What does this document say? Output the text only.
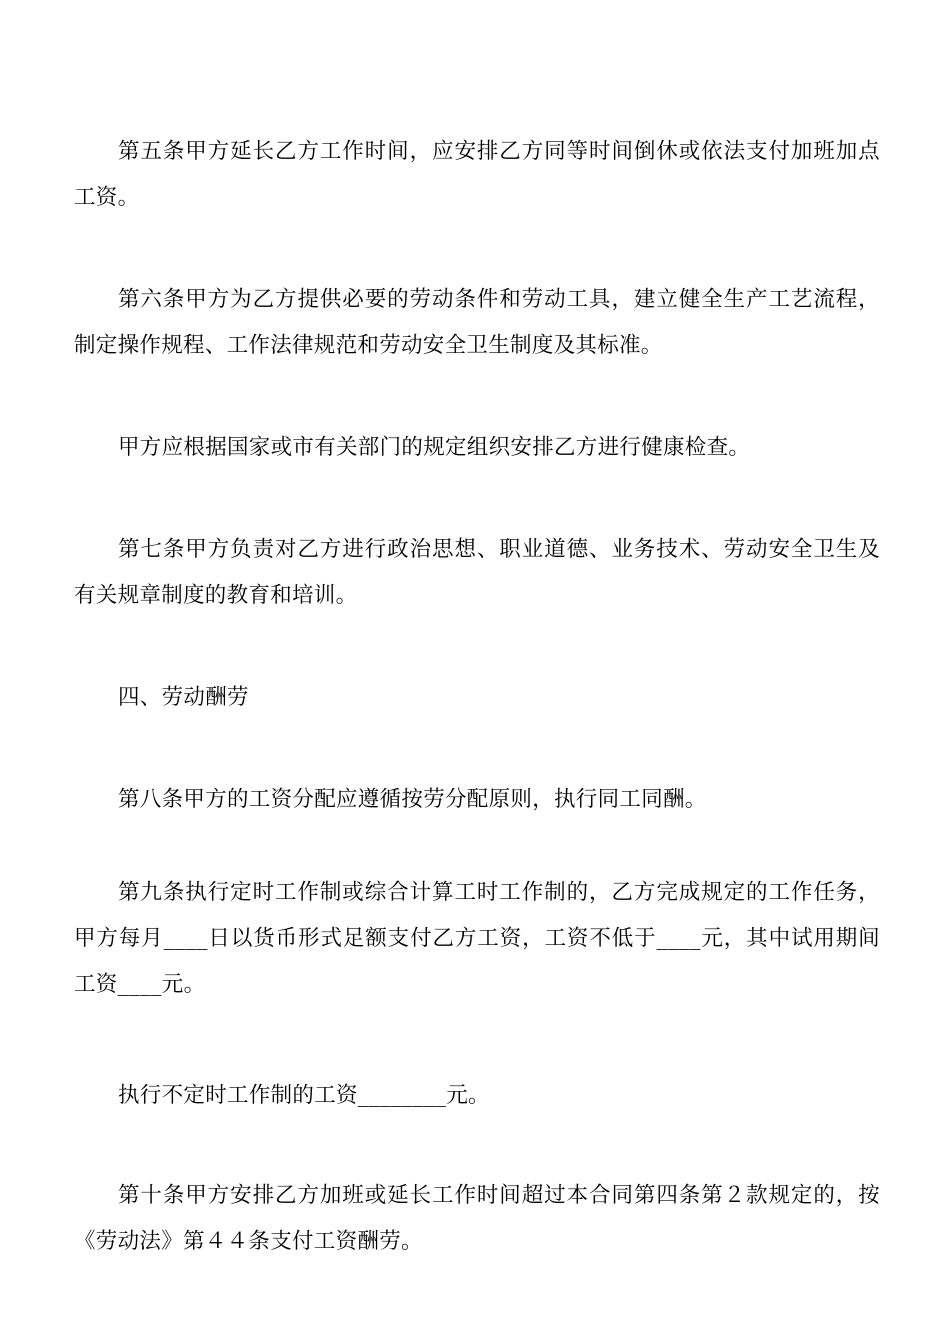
第五条甲方延长乙方工作时间，应安排乙方同等时间倒休或依法支付加班加点工资。

第六条甲方为乙方提供必要的劳动条件和劳动工具，建立健全生产工艺流程，制定操作规程、工作法律规范和劳动安全卫生制度及其标准。

甲方应根据国家或市有关部门的规定组织安排乙方进行健康检查。

第七条甲方负责对乙方进行政治思想、职业道德、业务技术、劳动安全卫生及有关规章制度的教育和培训。

四、劳动酬劳

第八条甲方的工资分配应遵循按劳分配原则，执行同工同酬。

第九条执行定时工作制或综合计算工时工作制的，乙方完成规定的工作任务，甲方每月____日以货币形式足额支付乙方工资，工资不低于____元，其中试用期间工资____元。

执行不定时工作制的工资________元。

第十条甲方安排乙方加班或延长工作时间超过本合同第四条第２款规定的，按《劳动法》第４４条支付工资酬劳。
